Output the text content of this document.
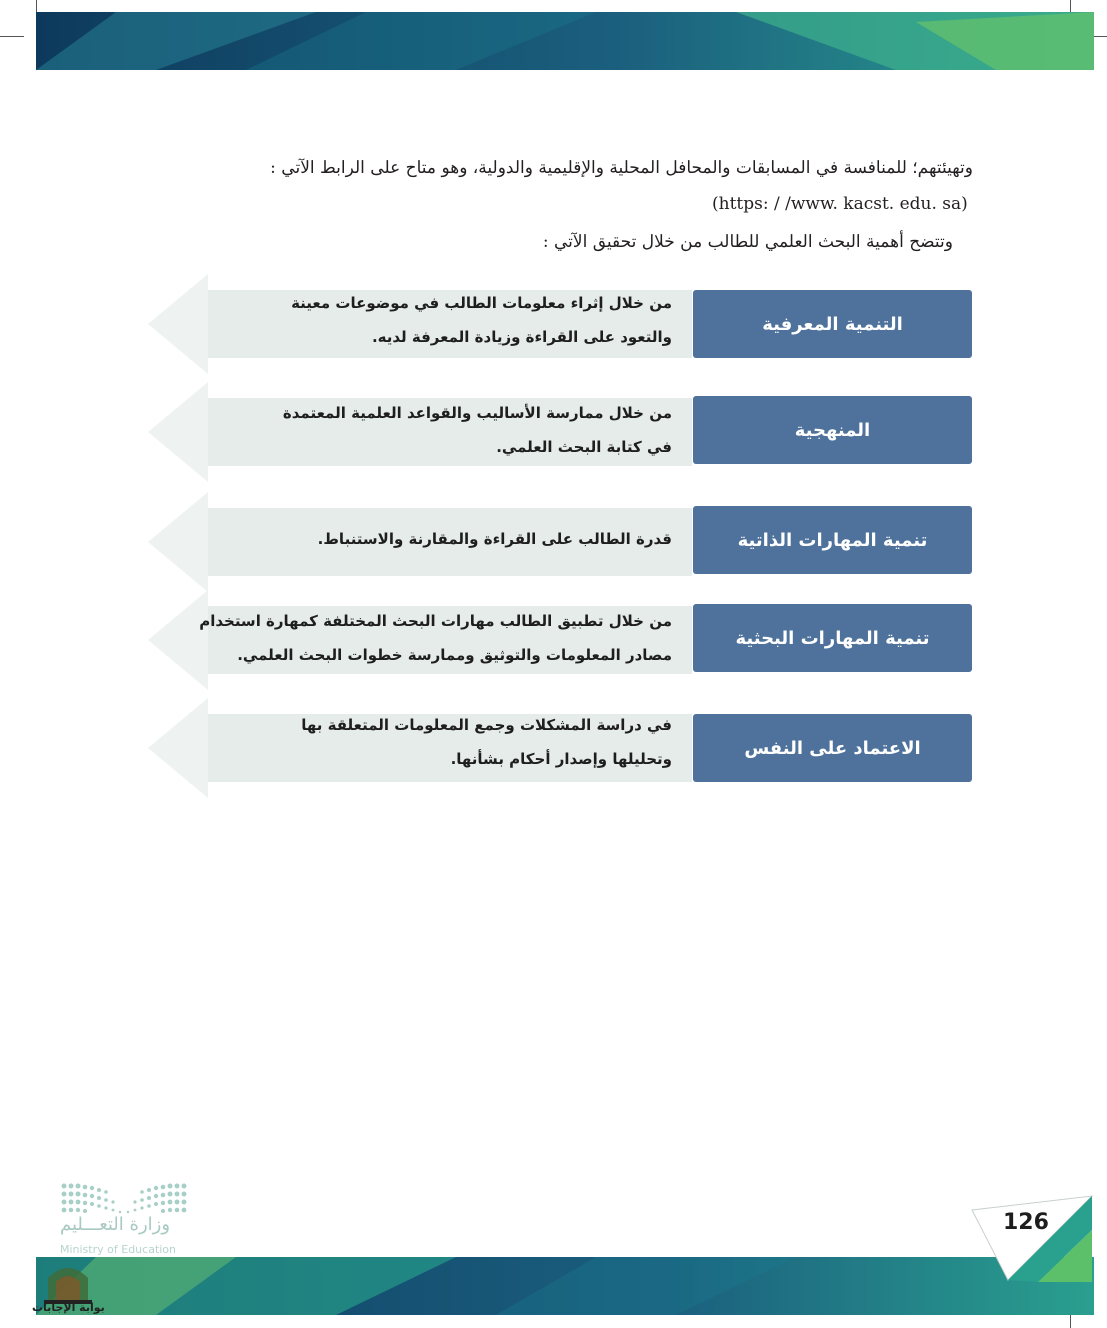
وتهيئتهم؛ للمنافسة في المسابقات والمحافل المحلية والإقليمية والدولية، وهو متاح على الرابط الآتي :
(https: / /www. kacst. edu. sa)
وتتضح أهمية البحث العلمي للطالب من خلال تحقيق الآتي :
التنمية المعرفية
من خلال إثراء معلومات الطالب في موضوعات معينة
والتعود على القراءة وزيادة المعرفة لديه.
المنهجية
من خلال ممارسة الأساليب والقواعد العلمية المعتمدة
في كتابة البحث العلمي.
تنمية المهارات الذاتية
قدرة الطالب على القراءة والمقارنة والاستنباط.
تنمية المهارات البحثية
من خلال تطبيق الطالب مهارات البحث المختلفة كمهارة استخدام
مصادر المعلومات والتوثيق وممارسة خطوات البحث العلمي.
الاعتماد على النفس
في دراسة المشكلات وجمع المعلومات المتعلقة بها
وتحليلها وإصدار أحكام بشأنها.
وزارة التعـــليم
Ministry of Education
126
بوابة الإجابات
